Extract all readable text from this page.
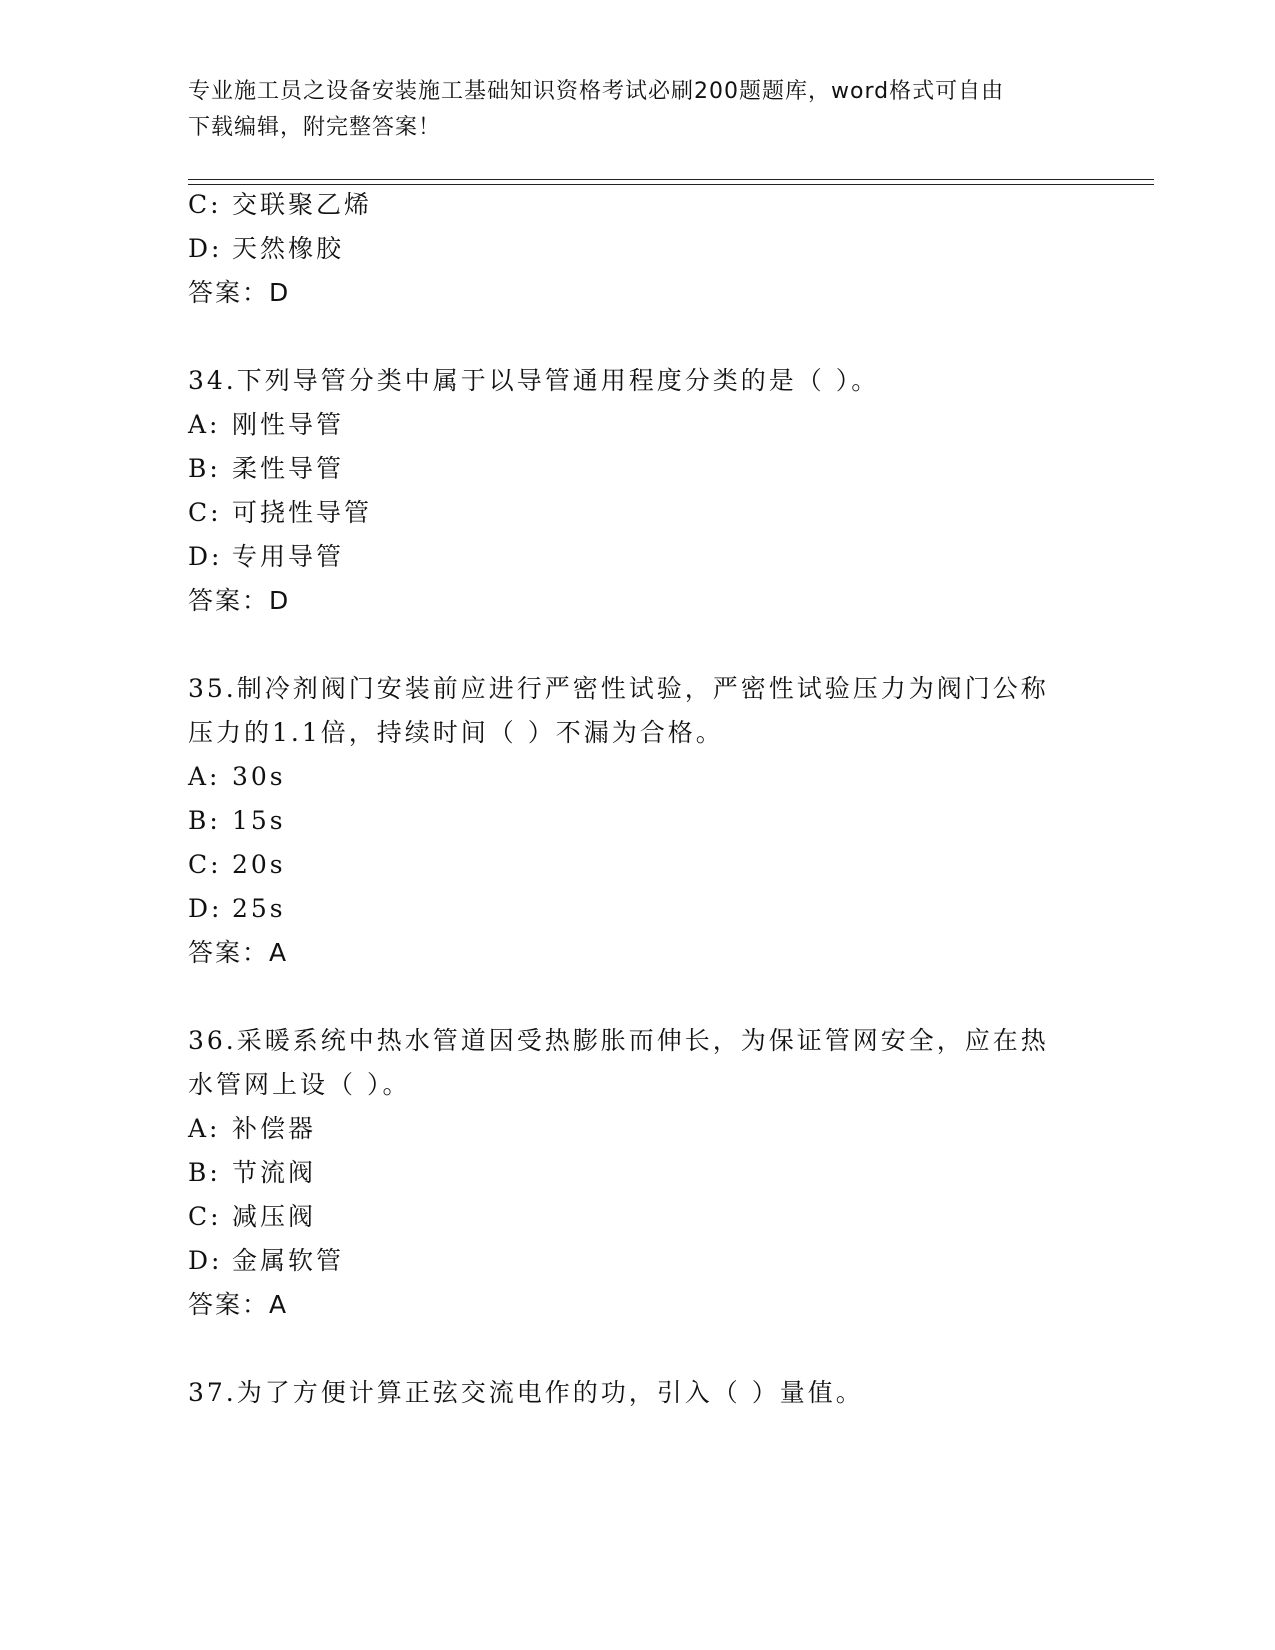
专业施工员之设备安装施工基础知识资格考试必刷200题题库，word格式可自由
下载编辑，附完整答案！
C: 交联聚乙烯
D: 天然橡胶
答案：D
34.下列导管分类中属于以导管通用程度分类的是（ ）。
A: 刚性导管
B: 柔性导管
C: 可挠性导管
D: 专用导管
答案：D
35.制冷剂阀门安装前应进行严密性试验，严密性试验压力为阀门公称
压力的1.1倍，持续时间（ ）不漏为合格。
A: 30s
B: 15s
C: 20s
D: 25s
答案：A
36.采暖系统中热水管道因受热膨胀而伸长，为保证管网安全，应在热
水管网上设（ ）。
A: 补偿器
B: 节流阀
C: 减压阀
D: 金属软管
答案：A
37.为了方便计算正弦交流电作的功，引入（ ）量值。
